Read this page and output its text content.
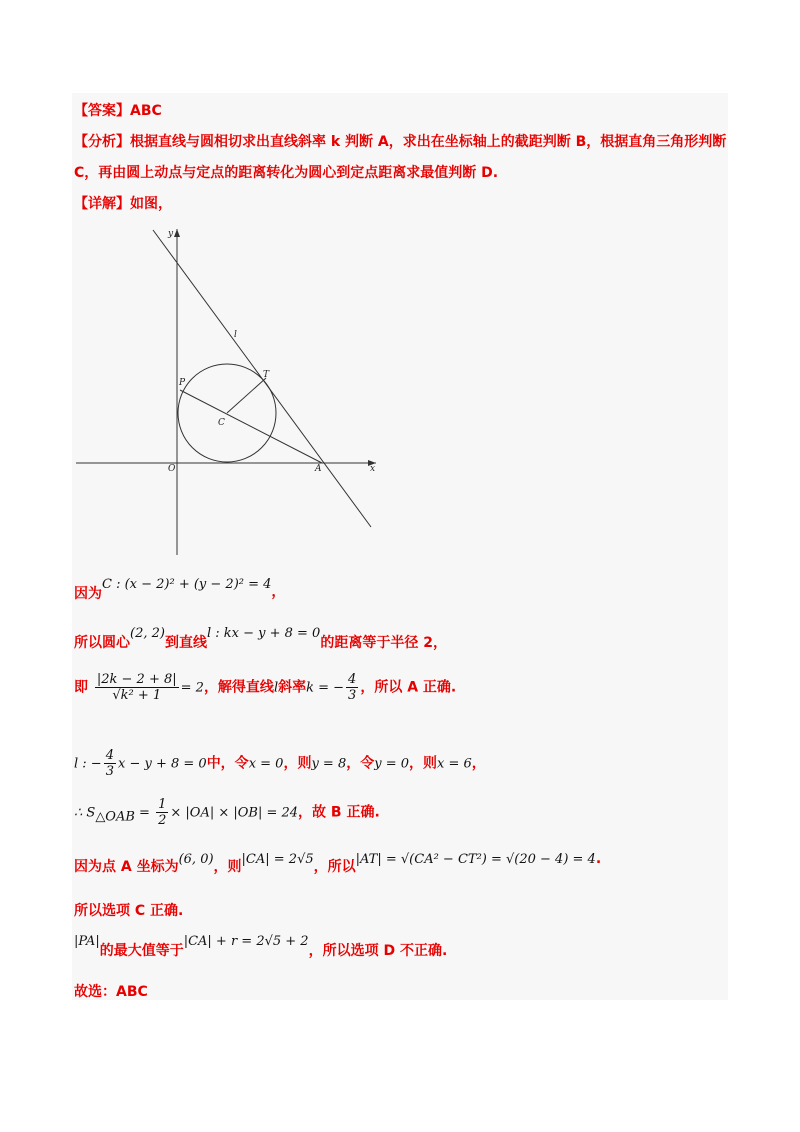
【答案】ABC
【分析】根据直线与圆相切求出直线斜率 k 判断 A，求出在坐标轴上的截距判断 B，根据直角三角形判断
C，再由圆上动点与定点的距离转化为圆心到定点距离求最值判断 D.
【详解】如图，
y
x
O	A
C
P
T
l
因为C : (x − 2)² + (y − 2)² = 4，
所以圆心(2, 2)到直线l : kx − y + 8 = 0的距离等于半径 2，
即 $\frac{|2k - 2 + 8|}{\text{√k² + 1}} = 2$，解得直线l斜率k = − $\frac{4}{3}$ ，所以 A 正确.
l : − $\frac{4}{3}$ x − y + 8 = 0中，令x = 0，则y = 8，令y = 0，则x = 6，
∴ $S_{\triangle OAB} = \frac{1}{2} \times |OA| \times |OB| = 24$，故 B 正确.
因为点 A 坐标为(6, 0)，则|CA| = 2√5，所以|AT| = √(CA² − CT²) = √(20 − 4) = 4.
所以选项 C 正确.
|PA|的最大值等于|CA| + r = 2√5 + 2，所以选项 D 不正确.
故选：ABC
